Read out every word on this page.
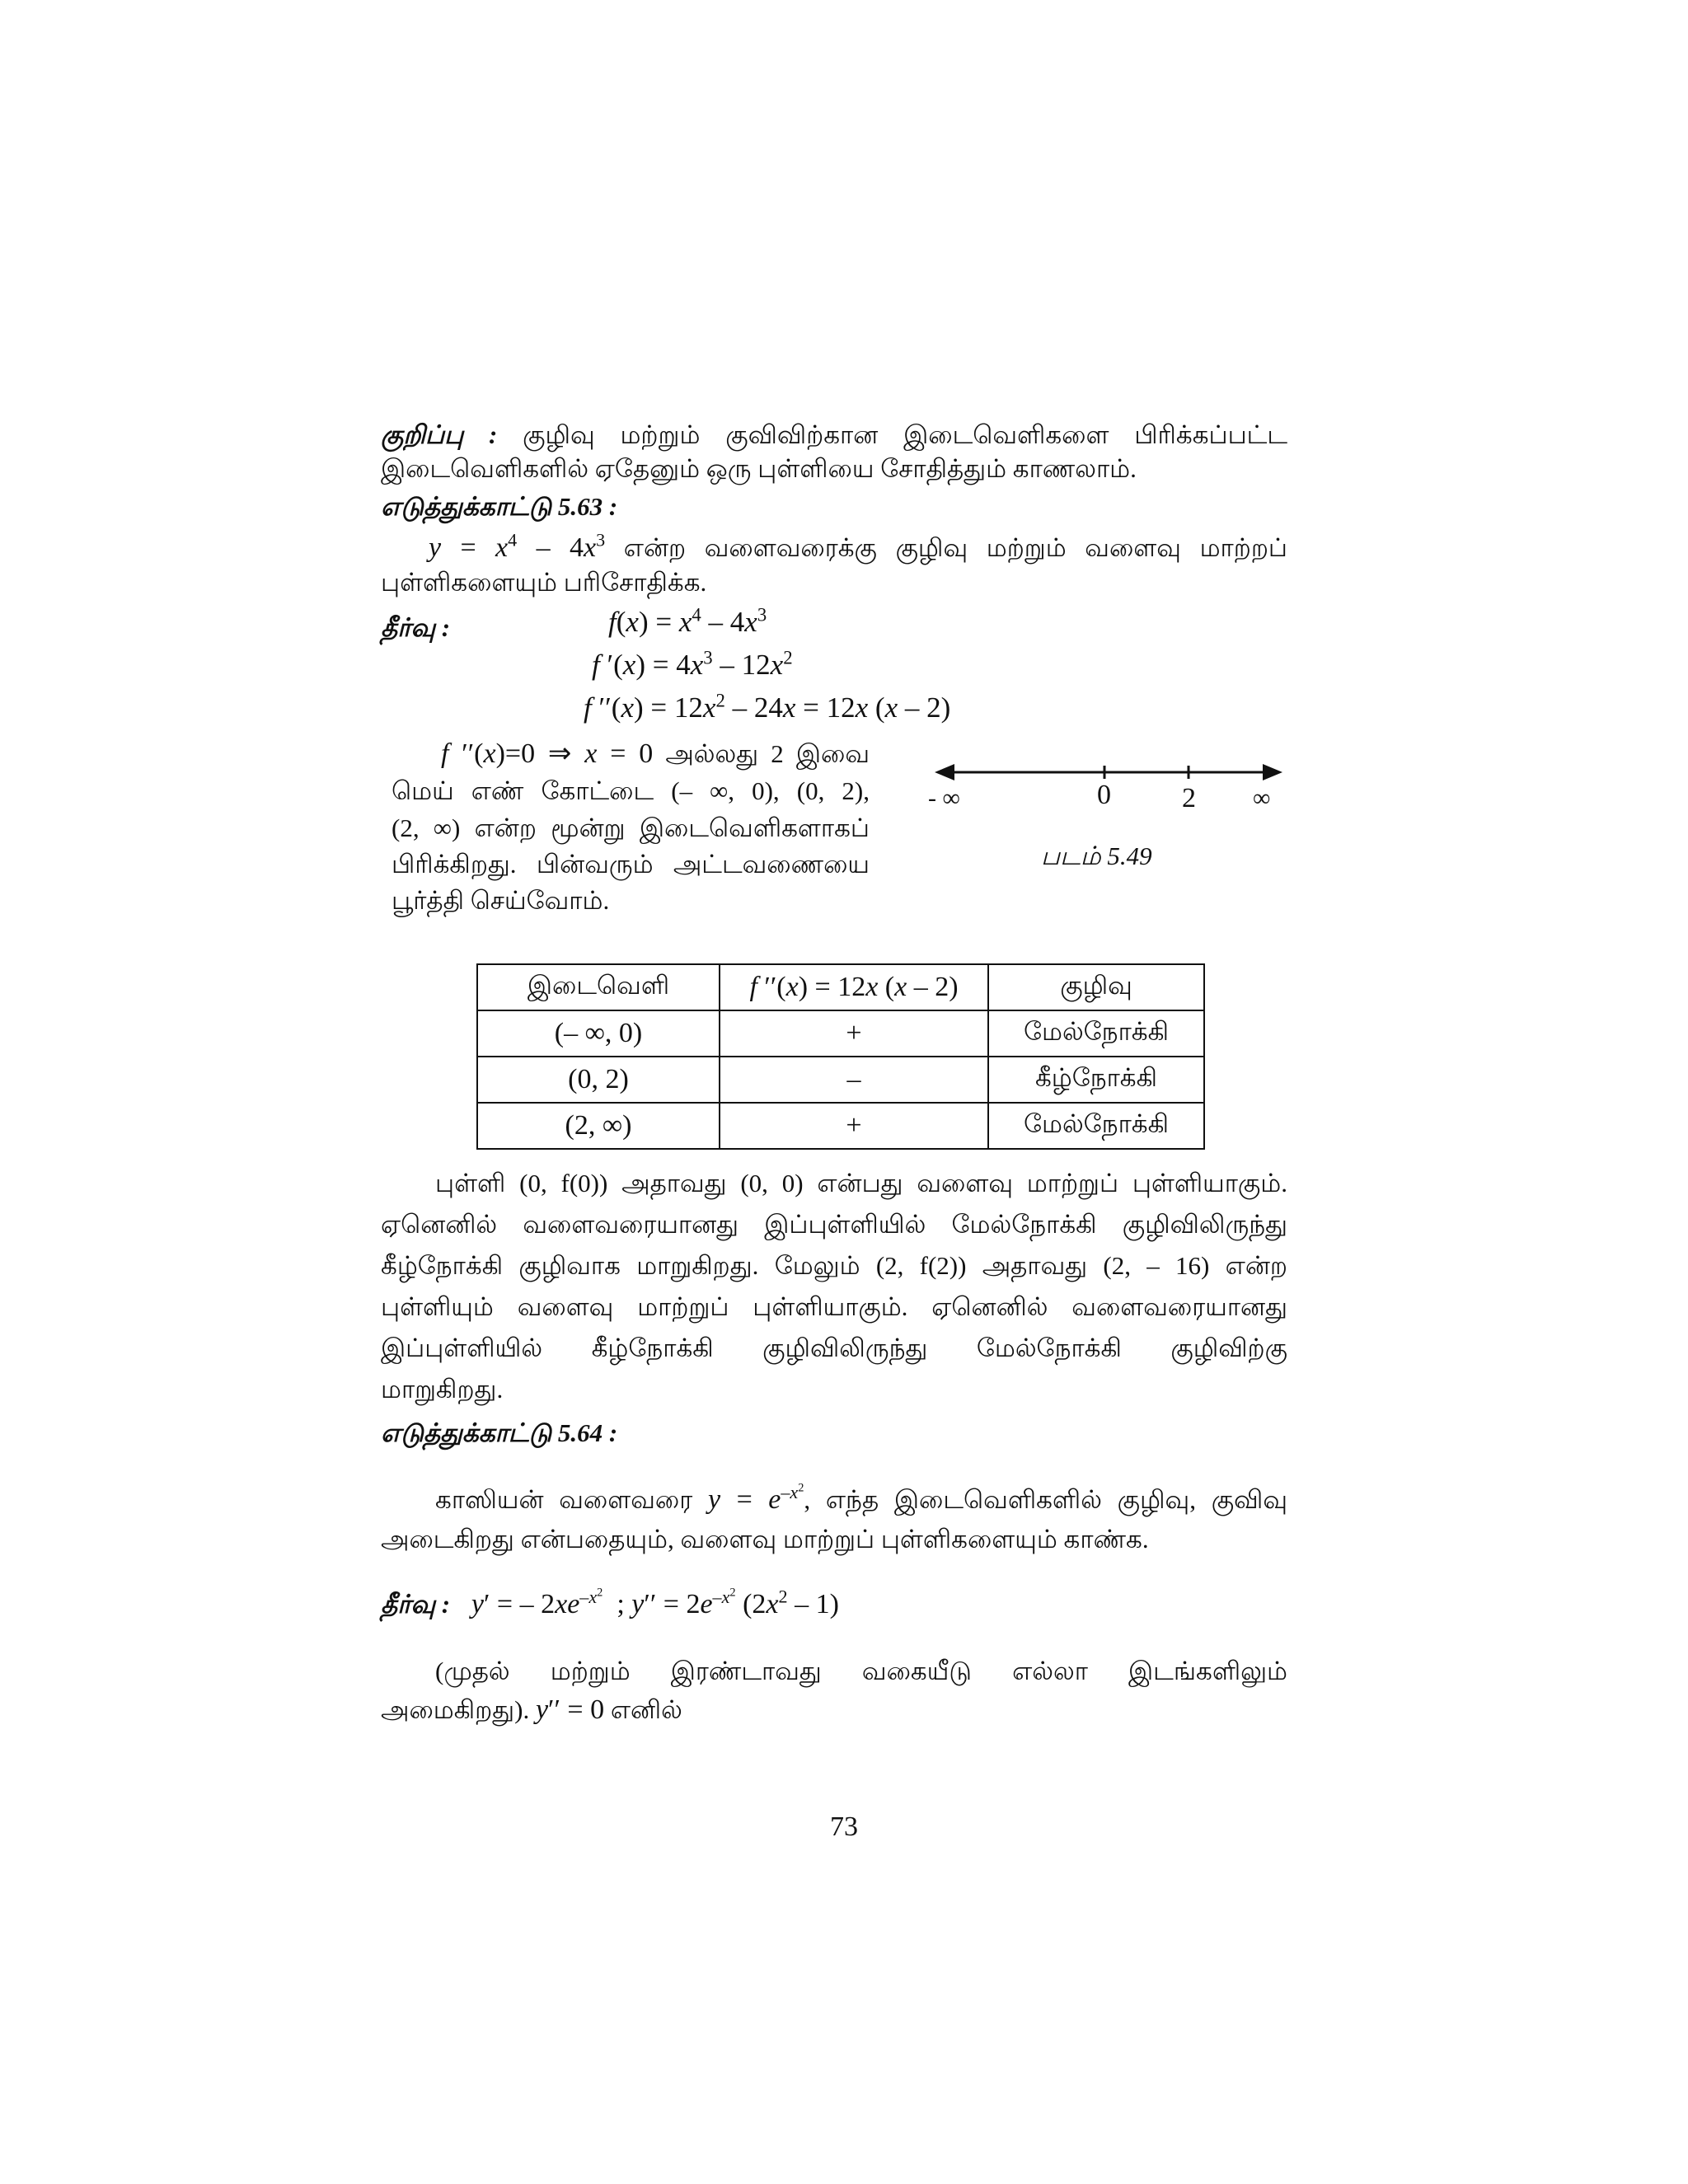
குறிப்பு : குழிவு மற்றும் குவிவிற்கான இடைவெளிகளை பிரிக்கப்பட்ட
இடைவெளிகளில் ஏதேனும் ஒரு புள்ளியை சோதித்தும் காணலாம்.
எடுத்துக்காட்டு 5.63 :
$y = x^4 - 4x^3$ என்ற வளைவரைக்கு குழிவு மற்றும் வளைவு மாற்றப்
புள்ளிகளையும் பரிசோதிக்க.
தீர்வு :	$f(x) = x^4 - 4x^3$
f $'(x) = 4x^3 - 12x^2$
f $''(x) = 12x^2 - 24x = 12x$ (x – 2)
f ′′(x)=0 ⇒ x = 0 அல்லது 2 இவை
மெய் எண் கோட்டை (– ∞, 0), (0, 2),
(2, ∞) என்ற மூன்று இடைவெளிகளாகப்
பிரிக்கிறது. பின்வரும் அட்டவணையை
பூர்த்தி செய்வோம்.
- ∞	0	2 ∞
படம் 5.49
இடைவெளி	f ′′(x) = 12x (x – 2)	குழிவு
(– ∞, 0)	+	மேல்நோக்கி
(0, 2)	–	கீழ்நோக்கி
(2, ∞)	+	மேல்நோக்கி
புள்ளி (0, f(0)) அதாவது (0, 0) என்பது வளைவு மாற்றுப் புள்ளியாகும்.
ஏனெனில் வளைவரையானது இப்புள்ளியில் மேல்நோக்கி குழிவிலிருந்து
கீழ்நோக்கி குழிவாக மாறுகிறது. மேலும் (2, f(2)) அதாவது (2, – 16) என்ற
புள்ளியும் வளைவு மாற்றுப் புள்ளியாகும். ஏனெனில் வளைவரையானது
இப்புள்ளியில் கீழ்நோக்கி குழிவிலிருந்து மேல்நோக்கி குழிவிற்கு
மாறுகிறது.
எடுத்துக்காட்டு 5.64 :
காஸியன் வளைவரை $y = e^{-x^2}$, எந்த இடைவெளிகளில் குழிவு, குவிவு
அடைகிறது என்பதையும், வளைவு மாற்றுப் புள்ளிகளையும் காண்க.
தீர்வு : y′ = – $2xe^{-x^2}$  ; $y'' = 2e^{-x^2}$ $(2x^2 - 1)$
(முதல் மற்றும் இரண்டாவது வகையீடு எல்லா இடங்களிலும்
அமைகிறது). y′′ = 0 எனில்
73
